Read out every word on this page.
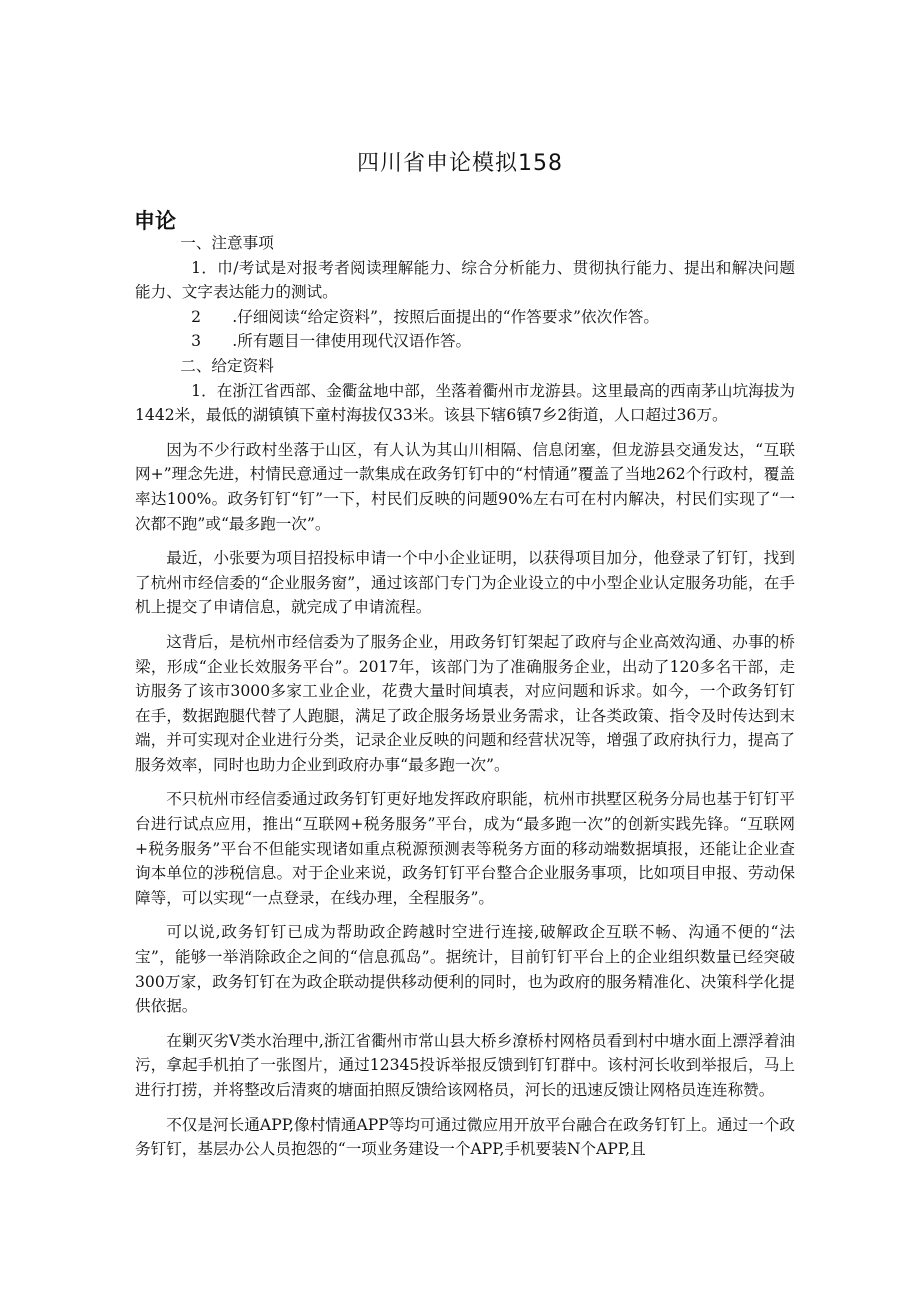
四川省申论模拟158
申论

一、注意事项

1．巾/考试是对报考者阅读理解能力、综合分析能力、贯彻执行能力、提出和解决问题能力、文字表达能力的测试。

2　　.仔细阅读“给定资料”，按照后面提出的“作答要求”依次作答。

3　　.所有题目一律使用现代汉语作答。

二、给定资料

1．在浙江省西部、金衢盆地中部，坐落着衢州市龙游县。这里最高的西南茅山坑海拔为1442米，最低的湖镇镇下童村海拔仅33米。该县下辖6镇7乡2街道，人口超过36万。

因为不少行政村坐落于山区，有人认为其山川相隔、信息闭塞，但龙游县交通发达，“互联网+”理念先进，村情民意通过一款集成在政务钉钉中的“村情通”覆盖了当地262个行政村，覆盖率达100%。政务钉钉“钉”一下，村民们反映的问题90%左右可在村内解决，村民们实现了“一次都不跑”或“最多跑一次”。

最近，小张要为项目招投标申请一个中小企业证明，以获得项目加分，他登录了钉钉，找到了杭州市经信委的“企业服务窗”，通过该部门专门为企业设立的中小型企业认定服务功能，在手机上提交了申请信息，就完成了申请流程。

这背后，是杭州市经信委为了服务企业，用政务钉钉架起了政府与企业高效沟通、办事的桥梁，形成“企业长效服务平台”。2017年，该部门为了准确服务企业，出动了120多名干部，走访服务了该市3000多家工业企业，花费大量时间填表，对应问题和诉求。如今，一个政务钉钉在手，数据跑腿代替了人跑腿，满足了政企服务场景业务需求，让各类政策、指令及时传达到末端，并可实现对企业进行分类，记录企业反映的问题和经营状况等，增强了政府执行力，提高了服务效率，同时也助力企业到政府办事“最多跑一次”。

不只杭州市经信委通过政务钉钉更好地发挥政府职能，杭州市拱墅区税务分局也基于钉钉平台进行试点应用，推出“互联网+税务服务”平台，成为“最多跑一次”的创新实践先锋。“互联网+税务服务”平台不但能实现诸如重点税源预测表等税务方面的移动端数据填报，还能让企业查询本单位的涉税信息。对于企业来说，政务钉钉平台整合企业服务事项，比如项目申报、劳动保障等，可以实现“一点登录，在线办理，全程服务”。

可以说,政务钉钉已成为帮助政企跨越时空进行连接,破解政企互联不畅、沟通不便的“法宝”，能够一举消除政企之间的“信息孤岛”。据统计，目前钉钉平台上的企业组织数量已经突破300万家，政务钉钉在为政企联动提供移动便利的同时，也为政府的服务精准化、决策科学化提供依据。

在剿灭劣V类水治理中,浙江省衢州市常山县大桥乡潦桥村网格员看到村中塘水面上漂浮着油污，拿起手机拍了一张图片，通过12345投诉举报反馈到钉钉群中。该村河长收到举报后，马上进行打捞，并将整改后清爽的塘面拍照反馈给该网格员，河长的迅速反馈让网格员连连称赞。

不仅是河长通APP,像村情通APP等均可通过微应用开放平台融合在政务钉钉上。通过一个政务钉钉，基层办公人员抱怨的“一项业务建设一个APP,手机要装N个APP,且
